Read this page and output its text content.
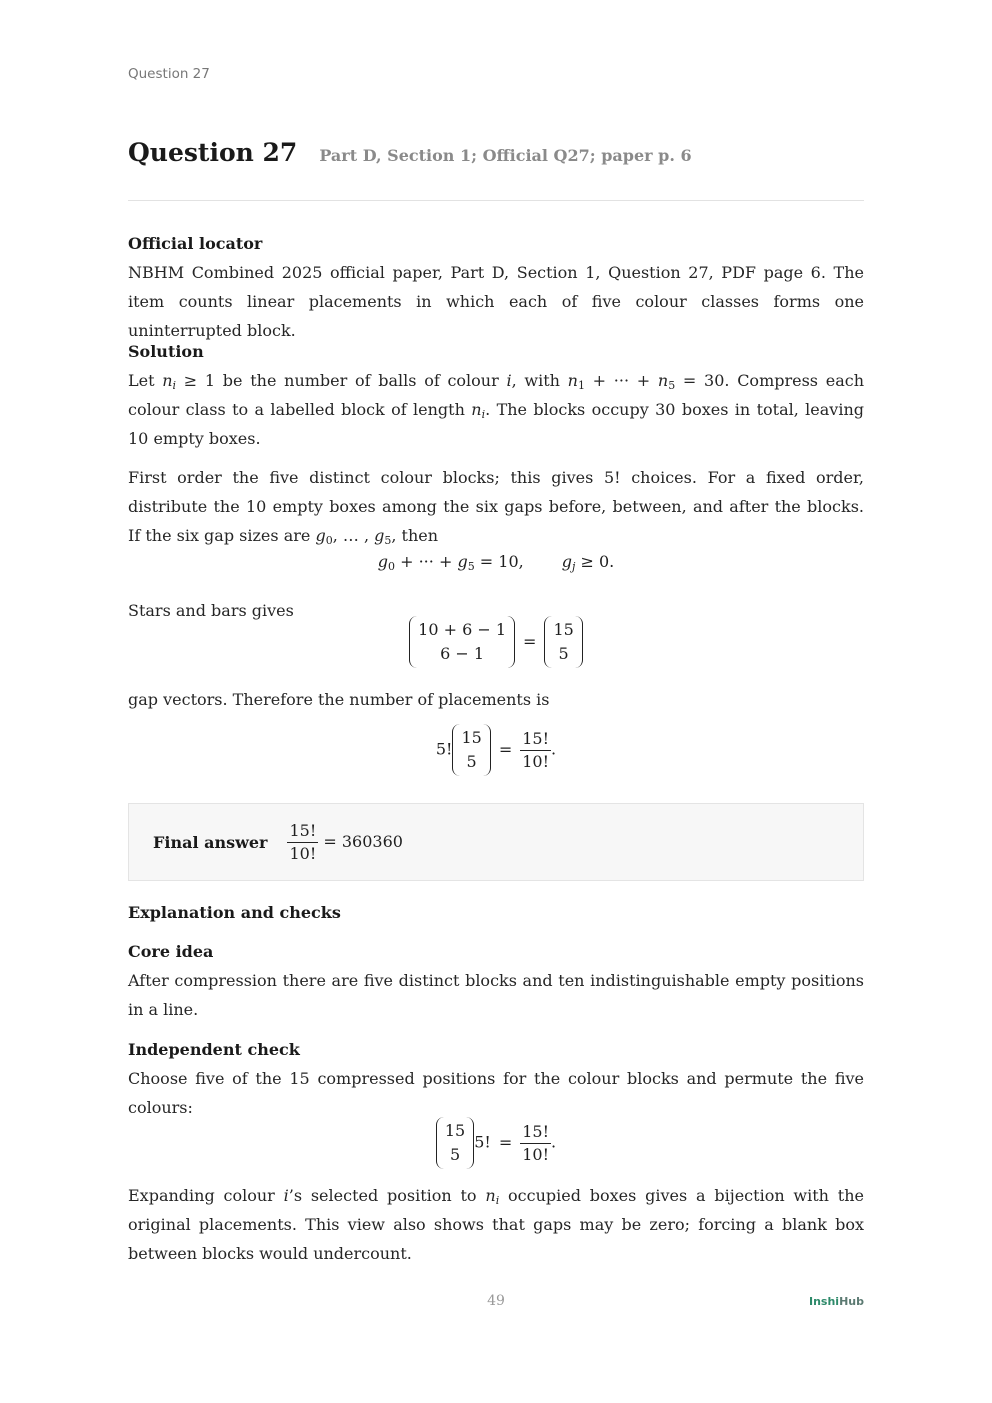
Question 27
Question 27 Part D, Section 1; Official Q27; paper p. 6
Official locator

NBHM Combined 2025 official paper, Part D, Section 1, Question 27, PDF page 6. The item counts linear placements in which each of five colour classes forms one uninterrupted block.

Solution

Let $n_i \ge 1$ be the number of balls of colour i, with $n_1$ + ··· + $n_5 = 30$. Compress each colour class to a labelled block of length $n_i$. The blocks occupy 30 boxes in total, leaving 10 empty boxes.

First order the five distinct colour blocks; this gives 5! choices. For a fixed order, distribute the 10 empty boxes among the six gaps before, between, and after the blocks. If the six gap sizes are $g_0$, … , $g_5$, then

$g_0$ + ··· + $g_5 = 10$, $g_j \ge 0$.

Stars and bars gives

10 + 6 − 1
6 − 1
=
15
5

gap vectors. Therefore the number of placements is

5!
15
5
= $\frac{15!}{10!}$ .
Final answer $\frac{15!}{10!} = 360360$
Explanation and checks
Core idea

After compression there are five distinct blocks and ten indistinguishable empty positions in a line.

Independent check

Choose five of the 15 compressed positions for the colour blocks and permute the five colours:

15
5
5! = $\frac{15!}{10!}$ .

Expanding colour i’s selected position to $n_i$ occupied boxes gives a bijection with the original placements. This view also shows that gaps may be zero; forcing a blank box between blocks would undercount.

49	InshiHub
